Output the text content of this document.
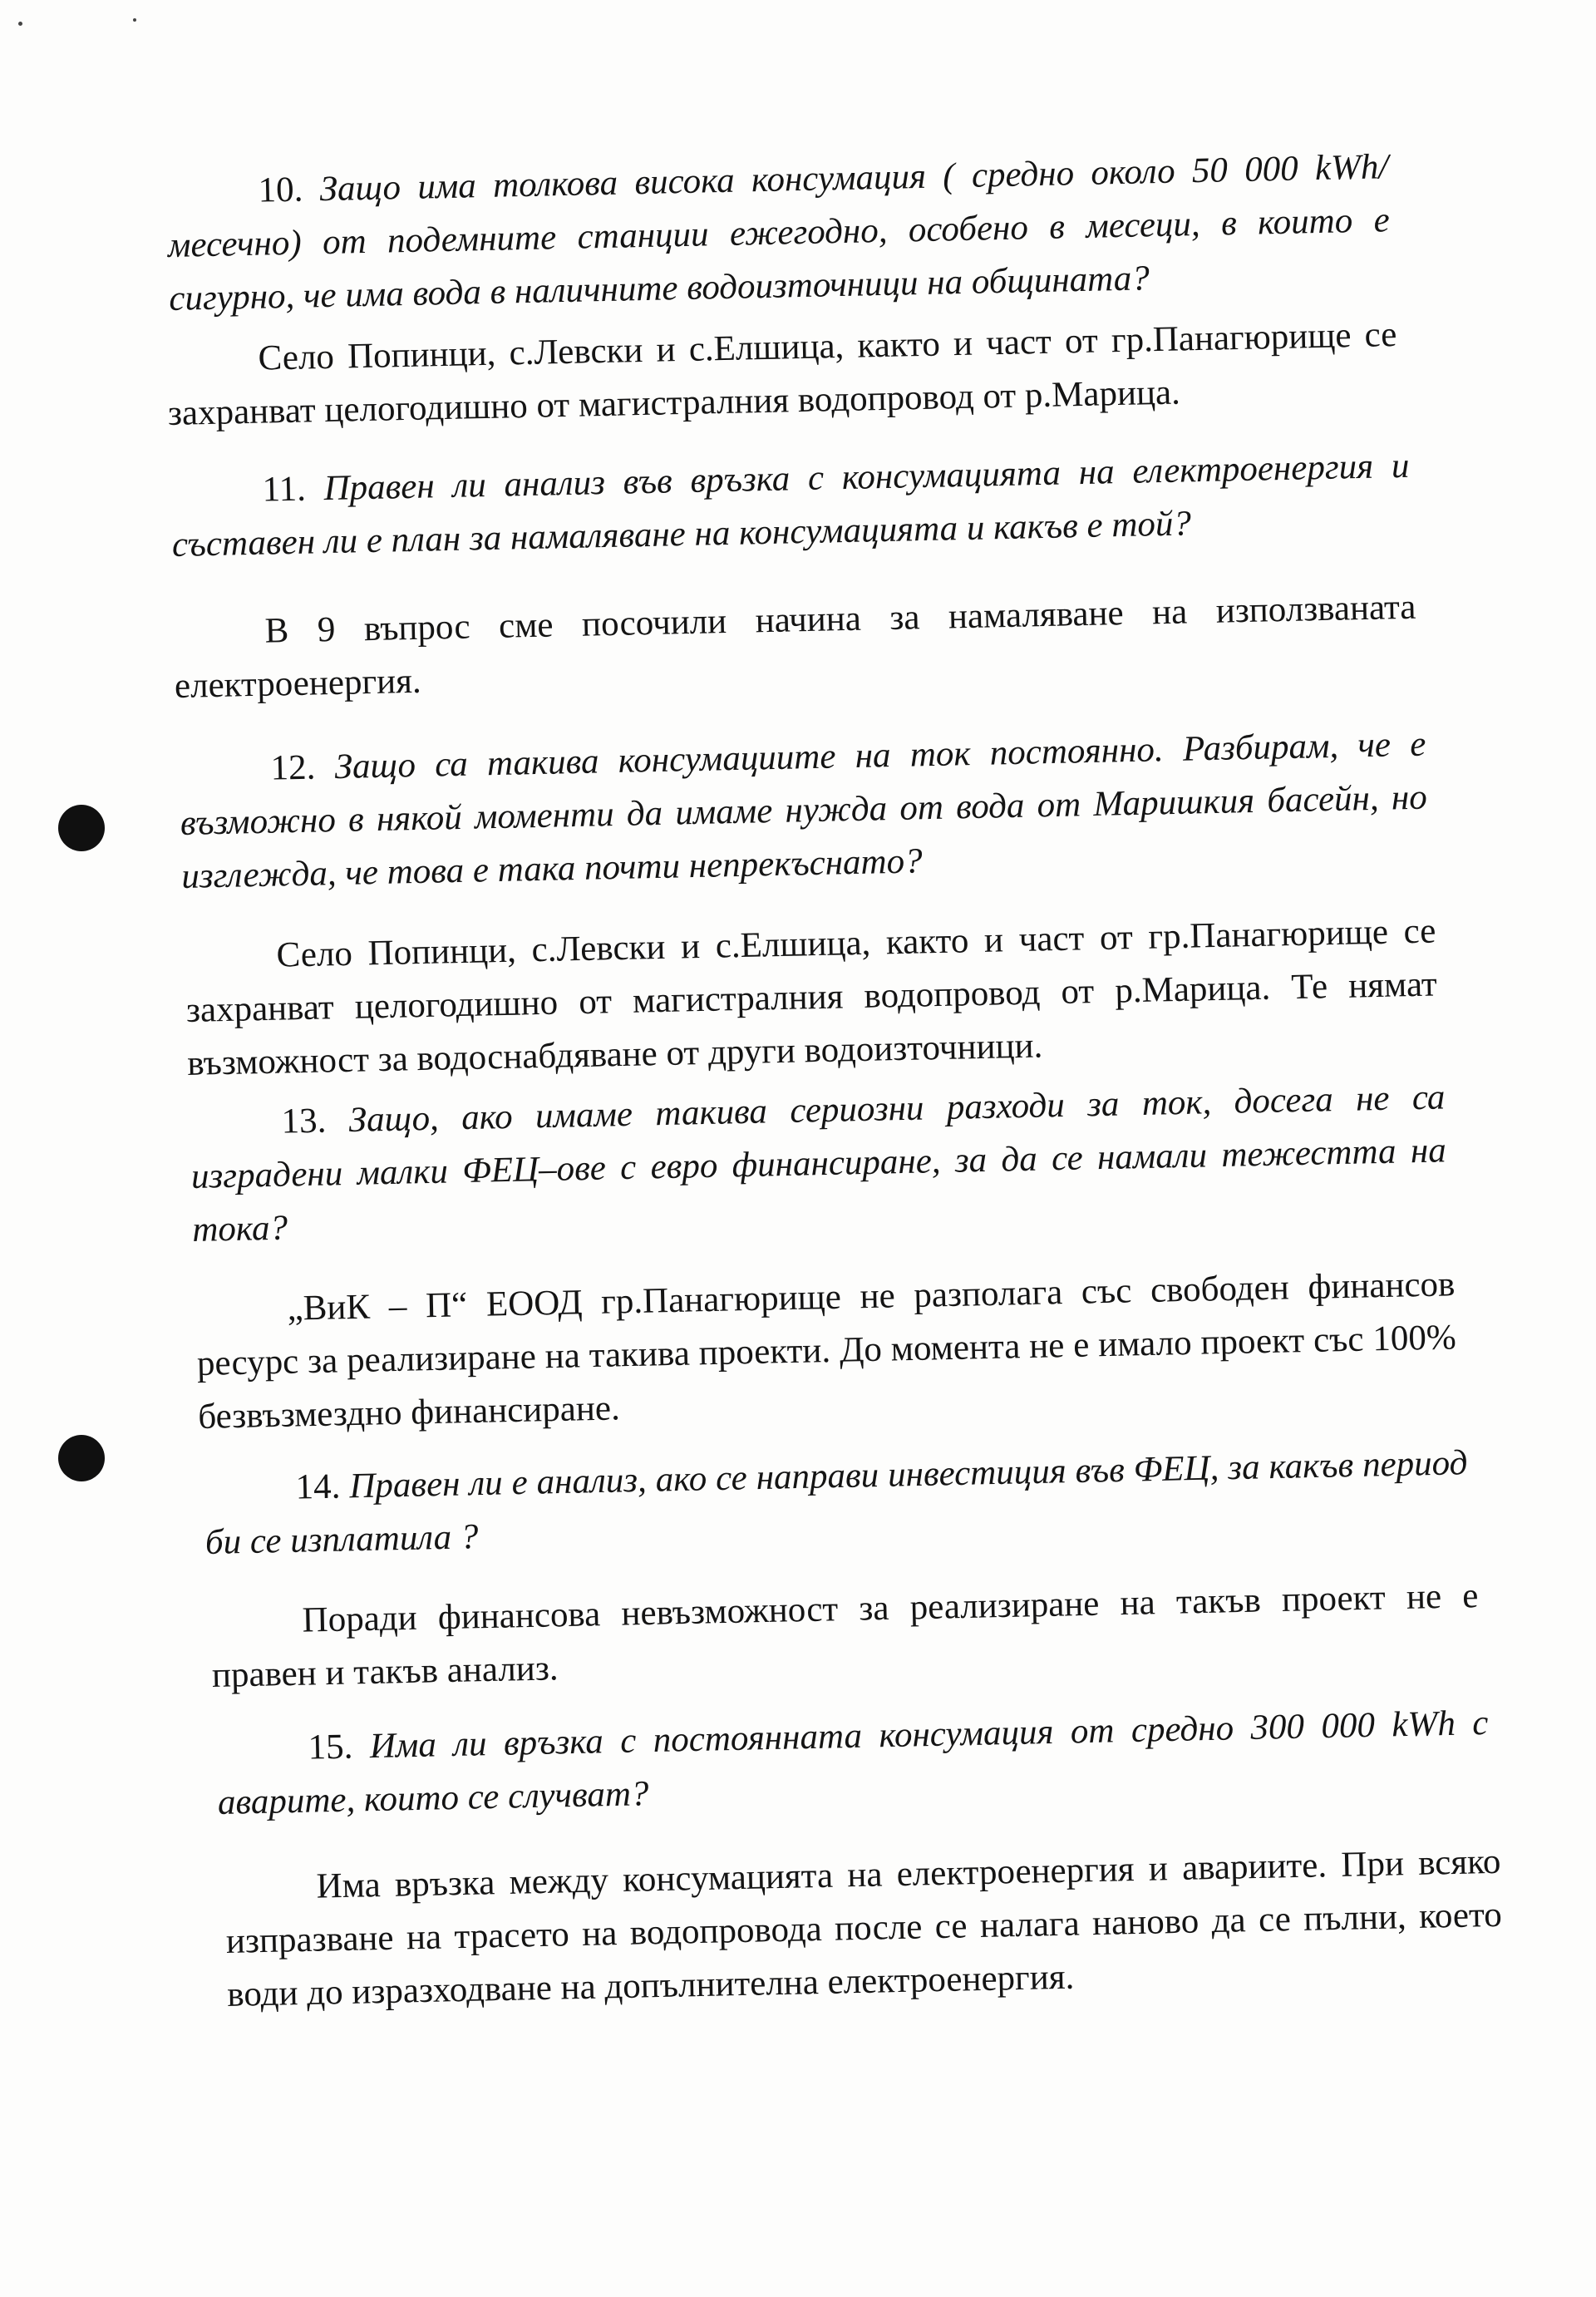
10. Защо има толкова висока консумация ( средно около 50 000 kWh/месечно) от подемните станции ежегодно, особено в месеци, в които е сигурно, че има вода в наличните водоизточници на общината?

Село Попинци, с.Левски и с.Елшица, както и част от гр.Панагюрище се захранват целогодишно от магистралния водопровод от р.Марица.

11. Правен ли анализ във връзка с консумацията на електроенергия и съставен ли е план за намаляване на консумацията и какъв е той?

В 9 въпрос сме посочили начина за намаляване на използваната електроенергия.

12. Защо са такива консумациите на ток постоянно. Разбирам, че е възможно в някой моменти да имаме нужда от вода от Маришкия басейн, но изглежда, че това е така почти непрекъснато?

Село Попинци, с.Левски и с.Елшица, както и част от гр.Панагюрище се захранват целогодишно от магистралния водопровод от р.Марица. Те нямат възможност за водоснабдяване от други водоизточници.

13. Защо, ако имаме такива сериозни разходи за ток, досега не са изградени малки ФЕЦ–ове с евро финансиране, за да се намали тежестта на тока?

„ВиК – П“ ЕООД гр.Панагюрище не разполага със свободен финансов ресурс за реализиране на такива проекти. До момента не е имало проект със 100% безвъзмездно финансиране.

14. Правен ли е анализ, ако се направи инвестиция във ФЕЦ, за какъв период би се изплатила ?

Поради финансова невъзможност за реализиране на такъв проект не е правен и такъв анализ.

15. Има ли връзка с постоянната консумация от средно 300 000 kWh с аварите, които се случват?

Има връзка между консумацията на електроенергия и авариите. При всяко изпразване на трасето на водопровода после се налага наново да се пълни, което води до изразходване на допълнителна електроенергия.
